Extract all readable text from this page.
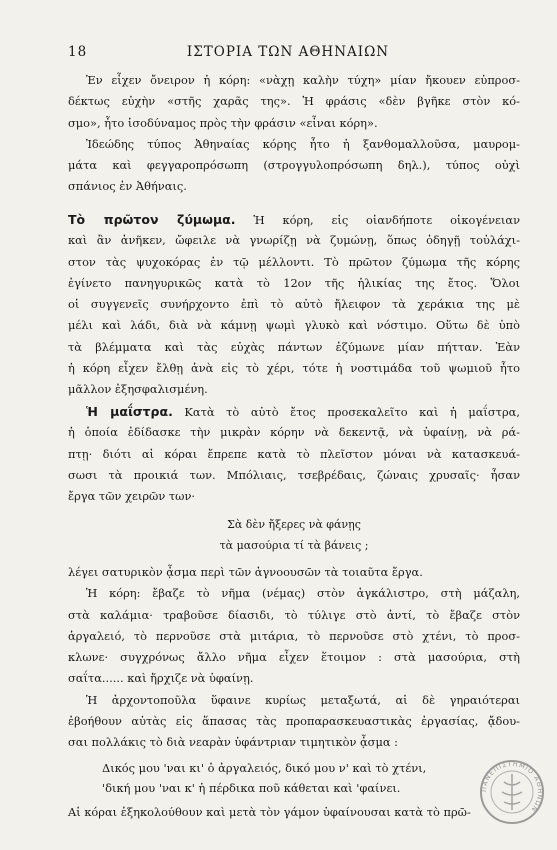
18	ΙΣΤΟΡΙΑ ΤΩΝ ΑΘΗΝΑΙΩΝ
Ἐν εἶχεν ὄνειρον ἡ κόρη: «νὰχῃ καλὴν τύχη» μίαν ἤκουεν εὐπροσ-
δέκτως εὐχὴν «στῆς χαρᾶς της». Ἡ φράσις «δὲν βγῆκε στὸν κό-
σμο», ἦτο ἰσοδύναμος πρὸς τὴν φράσιν «εἶναι κόρη».
Ἰδεώδης τύπος Ἀθηναίας κόρης ἦτο ἡ ξανθομαλλοῦσα, μαυρομ-
μάτα καὶ φεγγαροπρόσωπη (στρογγυλοπρόσωπη δηλ.), τύπος οὐχὶ
σπάνιος ἐν Ἀθήναις.
Τὸ πρῶτον ζύμωμα. Ἡ κόρη, εἰς οἱανδήποτε οἰκογένειαν
καὶ ἂν ἀνῆκεν, ὤφειλε νὰ γνωρίζῃ νὰ ζυμώνῃ, ὅπως ὁδηγῇ τοὐλάχι-
στον τὰς ψυχοκόρας ἐν τῷ μέλλοντι. Τὸ πρῶτον ζύμωμα τῆς κόρης
ἐγίνετο πανηγυρικῶς κατὰ τὸ 12ον τῆς ἡλικίας της ἔτος. Ὅλοι
οἱ συγγενεῖς συνήρχοντο ἐπὶ τὸ αὐτὸ ἤλειφον τὰ χεράκια της μὲ
μέλι καὶ λάδι, διὰ νὰ κάμνῃ ψωμὶ γλυκὸ καὶ νόστιμο. Οὕτω δὲ ὑπὸ
τὰ βλέμματα καὶ τὰς εὐχὰς πάντων ἐζύμωνε μίαν πήτταν. Ἐὰν
ἡ κόρη εἶχεν ἔλθῃ ἀνὰ εἰς τὸ χέρι, τότε ἡ νοστιμάδα τοῦ ψωμιοῦ ἦτο
μᾶλλον ἐξησφαλισμένη.
Ἡ μαΐστρα. Κατὰ τὸ αὐτὸ ἔτος προσεκαλεῖτο καὶ ἡ μαΐστρα,
ἡ ὁποία ἐδίδασκε τὴν μικρὰν κόρην νὰ δεκεντᾷ, νὰ ὑφαίνῃ, νὰ ρά-
πτῃ· διότι αἱ κόραι ἔπρεπε κατὰ τὸ πλεῖστον μόναι νὰ κατασκευά-
σωσι τὰ προικιά των. Μπόλιαις, τσεβρέδαις, ζώναις χρυσαῖς· ἦσαν
ἔργα τῶν χειρῶν των·
Σὰ δὲν ἤξερες νὰ φάνῃς
τὰ μασούρια τί τὰ βάνεις ;
λέγει σατυρικὸν ᾆσμα περὶ τῶν ἀγνοουσῶν τὰ τοιαῦτα ἔργα.
Ἡ κόρη: ἔβαζε τὸ νῆμα (νέμας) στὸν ἀγκάλιστρο, στὴ μάζαλη,
στὰ καλάμια· τραβοῦσε δίασιδι, τὸ τύλιγε στὸ ἀντί, τὸ ἔβαζε στὸν
ἀργαλειό, τὸ περνοῦσε στὰ μιτάρια, τὸ περνοῦσε στὸ χτένι, τὸ προσ-
κλωνε· συγχρόνως ἄλλο νῆμα εἶχεν ἕτοιμον : στὰ μασούρια, στὴ
σαΐτα...... καὶ ἤρχιζε νὰ ὑφαίνῃ.
Ἡ ἀρχοντοποῦλα ὕφαινε κυρίως μεταξωτά, αἱ δὲ γηραιότεραι
ἐβοήθουν αὐτὰς εἰς ἅπασας τὰς προπαρασκευαστικὰς ἐργασίας, ᾄδου-
σαι πολλάκις τὸ διὰ νεαρὰν ὑφάντριαν τιμητικὸν ᾆσμα :
Δικός μου 'ναι κι' ὁ ἀργαλειός, δικό μου ν' καὶ τὸ χτένι,
'δική μου 'ναι κ' ἡ πέρδικα ποῦ κάθεται καὶ 'φαίνει.
Αἱ κόραι ἐξηκολούθουν καὶ μετὰ τὸν γάμον ὑφαίνουσαι κατὰ τὸ πρῶ-
ΠΑΝΕΠΙΣΤΗΜΙΟ ΑΘΗΝΩΝ
